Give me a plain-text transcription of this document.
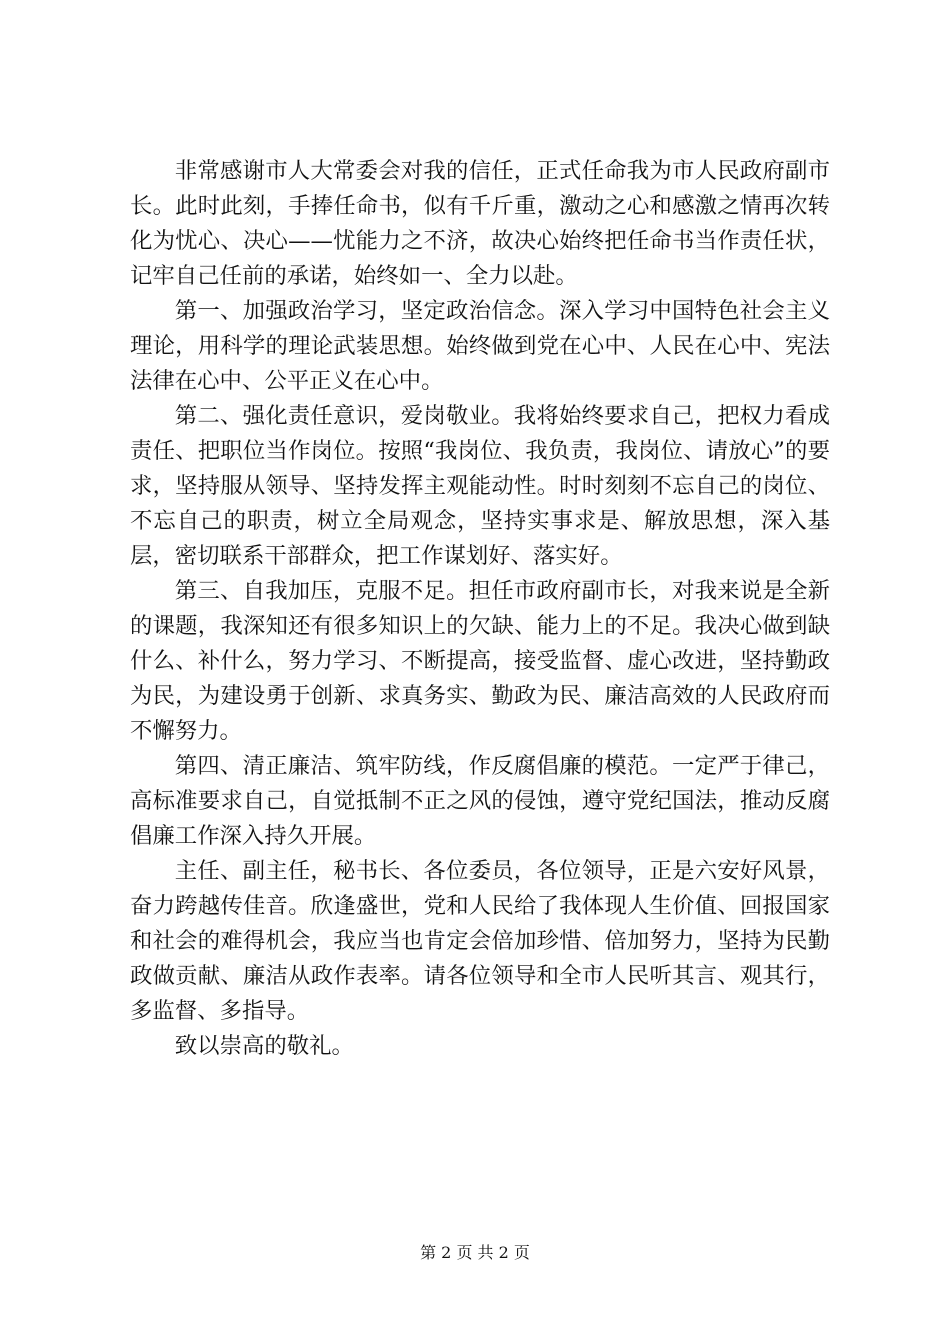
非常感谢市人大常委会对我的信任，正式任命我为市人民政府副市长。此时此刻，手捧任命书，似有千斤重，激动之心和感激之情再次转化为忧心、决心——忧能力之不济，故决心始终把任命书当作责任状，记牢自己任前的承诺，始终如一、全力以赴。

第一、加强政治学习，坚定政治信念。深入学习中国特色社会主义理论，用科学的理论武装思想。始终做到党在心中、人民在心中、宪法法律在心中、公平正义在心中。

第二、强化责任意识，爱岗敬业。我将始终要求自己，把权力看成责任、把职位当作岗位。按照“我岗位、我负责，我岗位、请放心”的要求，坚持服从领导、坚持发挥主观能动性。时时刻刻不忘自己的岗位、不忘自己的职责，树立全局观念，坚持实事求是、解放思想，深入基层，密切联系干部群众，把工作谋划好、落实好。

第三、自我加压，克服不足。担任市政府副市长，对我来说是全新的课题，我深知还有很多知识上的欠缺、能力上的不足。我决心做到缺什么、补什么，努力学习、不断提高，接受监督、虚心改进，坚持勤政为民，为建设勇于创新、求真务实、勤政为民、廉洁高效的人民政府而不懈努力。

第四、清正廉洁、筑牢防线，作反腐倡廉的模范。一定严于律己，高标准要求自己，自觉抵制不正之风的侵蚀，遵守党纪国法，推动反腐倡廉工作深入持久开展。

主任、副主任，秘书长、各位委员，各位领导，正是六安好风景，奋力跨越传佳音。欣逢盛世，党和人民给了我体现人生价值、回报国家和社会的难得机会，我应当也肯定会倍加珍惜、倍加努力，坚持为民勤政做贡献、廉洁从政作表率。请各位领导和全市人民听其言、观其行，多监督、多指导。

致以崇高的敬礼。

第 2 页 共 2 页
